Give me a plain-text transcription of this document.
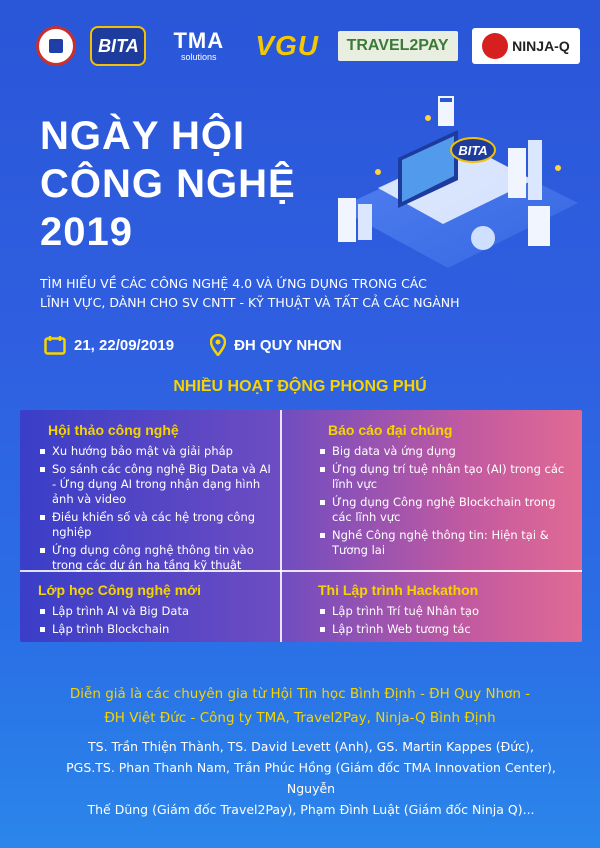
BITA	TMA
solutions VGU	TRAVEL2PAY	NINJA-Q
NGÀY HỘI
CÔNG NGHỆ
2019
BITA
TÌM HIỂU VỀ CÁC CÔNG NGHỆ 4.0 VÀ ỨNG DỤNG TRONG CÁC
LĨNH VỰC, DÀNH CHO SV CNTT - KỸ THUẬT VÀ TẤT CẢ CÁC NGÀNH
21, 22/09/2019	ĐH QUY NHƠN
NHIỀU HOẠT ĐỘNG PHONG PHÚ
Hội thảo công nghệ
Xu hướng bảo mật và giải pháp
So sánh các công nghệ Big Data và AI - Ứng dụng AI trong nhận dạng hình ảnh và video
Điều khiển số và các hệ trong công nghiệp
Ứng dụng công nghệ thông tin vào trong các dự án hạ tầng kỹ thuật
Báo cáo đại chúng
Big data và ứng dụng
Ứng dụng trí tuệ nhân tạo (AI) trong các lĩnh vực
Ứng dụng Công nghệ Blockchain trong các lĩnh vực
Nghề Công nghệ thông tin: Hiện tại & Tương lai
Lớp học Công nghệ mới
Lập trình AI và Big Data
Lập trình Blockchain
Thi Lập trình Hackathon
Lập trình Trí tuệ Nhân tạo
Lập trình Web tương tác
Diễn giả là các chuyên gia từ Hội Tin học Bình Định - ĐH Quy Nhơn -
ĐH Việt Đức - Công ty TMA, Travel2Pay, Ninja-Q Bình Định
TS. Trần Thiện Thành, TS. David Levett (Anh), GS. Martin Kappes (Đức),
PGS.TS. Phan Thanh Nam, Trần Phúc Hồng (Giám đốc TMA Innovation Center), Nguyễn
Thế Dũng (Giám đốc Travel2Pay), Phạm Đình Luật (Giám đốc Ninja Q)...
